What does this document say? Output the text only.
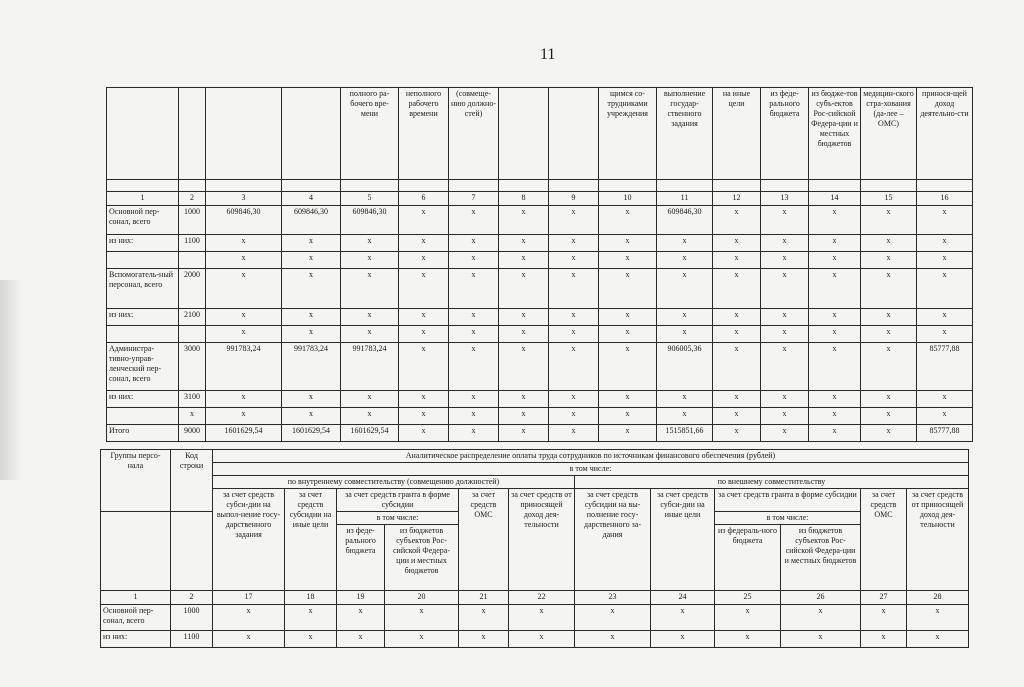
11
				полного ра-бочего вре-мени	неполного рабочего времени	(совмеще-нию должно-стей)			щимся со-трудниками учреждения	выполнение государ-ственного задания	на иные цели	из феде-рального бюджета	из бюдже-тов субъ-ектов Рос-сийской Федера-ции и местных бюджетов	медицин-ского стра-хования (да-лее – ОМС)	принося-щей доход деятельно-сти

1	2	3	4	5	6	7	8	9	10	11	12	13	14	15	16
Основной пер-сонал, всего	1000	609846,30	609846,30	609846,30	x	x	x	x	x	609846,30	x	x	x	x	x
из них:	1100	x	x	x	x	x	x	x	x	x	x	x	x	x	x
		x	x	x	x	x	x	x	x	x	x	x	x	x	x
Вспомогатель-ный персонал, всего	2000	x	x	x	x	x	x	x	x	x	x	x	x	x	x
из них:	2100	x	x	x	x	x	x	x	x	x	x	x	x	x	x
		x	x	x	x	x	x	x	x	x	x	x	x	x	x
Администра-тивно-управ-ленческий пер-сонал, всего	3000	991783,24	991783,24	991783,24	x	x	x	x	x	906005,36	x	x	x	x	85777,88
из них:	3100	x	x	x	x	x	x	x	x	x	x	x	x	x	x
	x	x	x	x	x	x	x	x	x	x	x	x	x	x	x
Итого	9000	1601629,54	1601629,54	1601629,54	x	x	x	x	x	1515851,66	x	x	x	x	85777,88
Группы персо-нала	Код строки	Аналитическое распределение оплаты труда сотрудников по источникам финансового обеспечения (рублей)											
		в том числе:											
		по внутреннему совместительству (совмещению должностей)						по внешнему совместительству					
		за счет средств субси-дии на выпол-нение госу-дарственного задания	за счет средств субсидии на иные цели	за счет средств гранта в форме субсидии		за счет средств ОМС	за счет средств от приносящей доход дея-тельности	за счет средств субсидии на вы-полнение госу-дарственного за-дания	за счет средств субси-дии на иные цели	за счет средств гранта в форме субсидии		за счет средств ОМС	за счет средств от приносящей доход дея-тельности
				в том числе:						в том числе:			
				из феде-рального бюджета	из бюджетов субъектов Рос-сийской Федера-ции и местных бюджетов					из федераль-ного бюджета	из бюджетов субъектов Рос-сийской Федера-ции и местных бюджетов		
1	2	17	18	19	20	21	22	23	24	25	26	27	28
Основной пер-сонал, всего	1000	x	x	x	x	x	x	x	x	x	x	x	x
из них:	1100	x	x	x	x	x	x	x	x	x	x	x	x
